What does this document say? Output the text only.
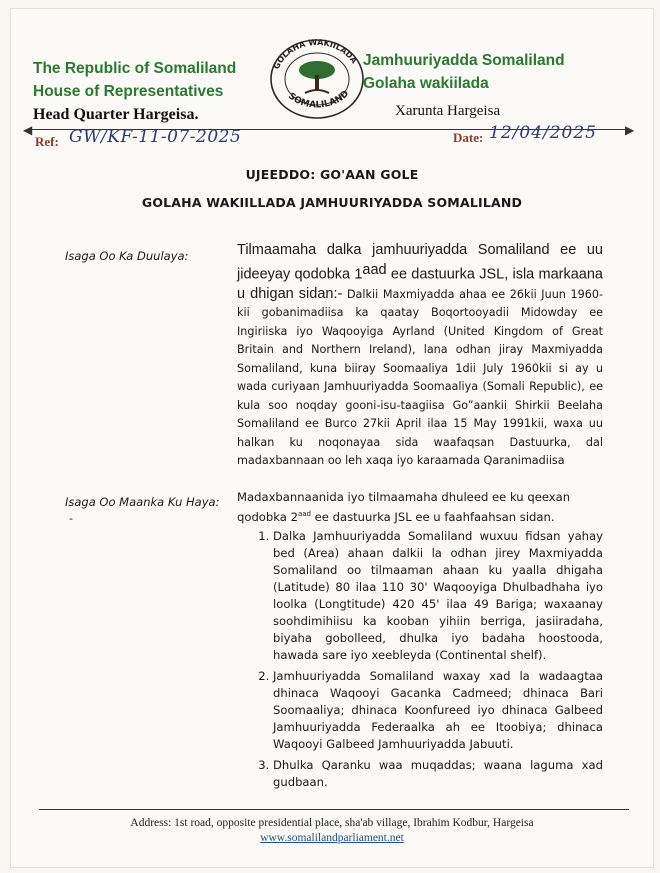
The Republic of Somaliland
House of Representatives
Head Quarter Hargeisa.
GOLAHA WAKIILADA
SOMALILAND
Jamhuuriyadda Somaliland
Golaha wakiilada
Xarunta Hargeisa
◀	▶
Ref: GW/KF-11-07-2025	Date: 12/04/2025
UJEEDDO: GO'AAN GOLE
GOLAHA WAKIILLADA JAMHUURIYADDA SOMALILAND
Isaga Oo Ka Duulaya:	Tilmaamaha dalka jamhuuriyadda Somaliland ee uu jideeyay qodobka $1^{aad}$ ee dastuurka JSL, isla markaana u dhigan sidan:- Dalkii Maxmiyadda ahaa ee 26kii Juun 1960-kii gobanimadiisa ka qaatay Boqortooyadii Midowday ee Ingiriiska iyo Waqooyiga Ayrland (United Kingdom of Great Britain and Northern Ireland), lana odhan jiray Maxmiyadda Somaliland, kuna biiray Soomaaliya 1dii July 1960kii si ay u wada curiyaan Jamhuuriyadda Soomaaliya (Somali Republic), ee kula soo noqday gooni-isu-taagiisa Go”aankii Shirkii Beelaha Somaliland ee Burco 27kii April ilaa 15 May 1991kii, waxa uu halkan ku noqonayaa sida waafaqsan Dastuurka, dal madaxbannaan oo leh xaqa iyo karaamada Qaranimadiisa
Isaga Oo Maanka Ku Haya:
-
Madaxbannaanida iyo tilmaamaha dhuleed ee ku qeexan qodobka $2^{aad}$ ee dastuurka JSL ee u faahfaahsan sidan.
1. Dalka Jamhuuriyadda Somaliland wuxuu fidsan yahay bed (Area) ahaan dalkii la odhan jirey Maxmiyadda Somaliland oo tilmaaman ahaan ku yaalla dhigaha (Latitude) 80 ilaa 110 30' Waqooyiga Dhulbadhaha iyo loolka (Longtitude) 420 45' ilaa 49 Bariga; waxaanay soohdimihiisu ka kooban yihiin berriga, jasiiradaha, biyaha gobolleed, dhulka iyo badaha hoostooda, hawada sare iyo xeebleyda (Continental shelf).
2. Jamhuuriyadda Somaliland waxay xad la wadaagtaa dhinaca Waqooyi Gacanka Cadmeed; dhinaca Bari Soomaaliya; dhinaca Koonfureed iyo dhinaca Galbeed Jamhuuriyadda Federaalka ah ee Itoobiya; dhinaca Waqooyi Galbeed Jamhuuriyadda Jabuuti.
3. Dhulka Qaranku waa muqaddas; waana laguma xad gudbaan.
Address: 1st road, opposite presidential place, sha'ab village, Ibrahim Kodbur, Hargeisa
www.somalilandparliament.net
